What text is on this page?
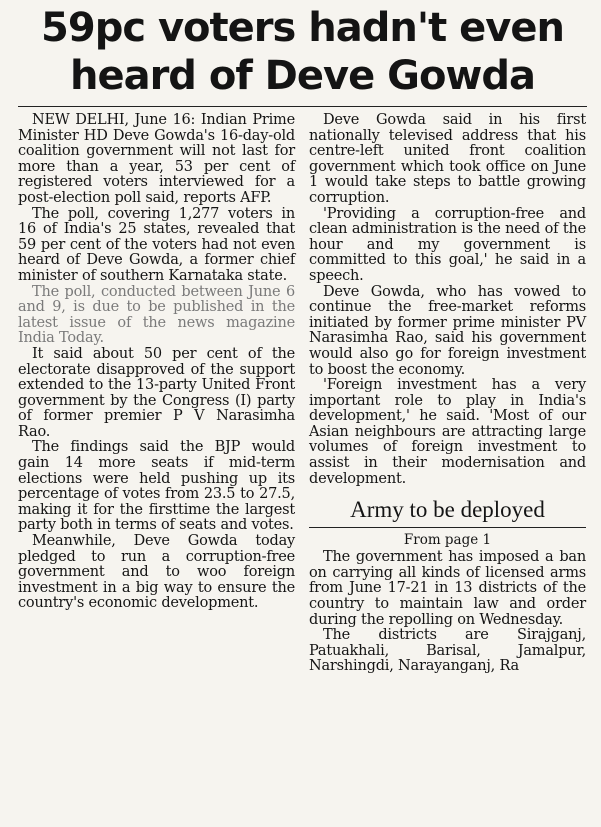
59pc voters hadn't even
heard of Deve Gowda

NEW DELHI, June 16: Indian Prime Minister HD Deve Gowda's 16-day-old coalition government will not last for more than a year, 53 per cent of registered voters interviewed for a post-election poll said, reports AFP.

The poll, covering 1,277 voters in 16 of India's 25 states, revealed that 59 per cent of the voters had not even heard of Deve Gowda, a former chief minister of southern Karnataka state.

The poll, conducted between June 6 and 9, is due to be published in the latest issue of the news magazine India Today.

It said about 50 per cent of the electorate disapproved of the support extended to the 13-party United Front government by the Congress (I) party of former premier P V Narasimha Rao.

The findings said the BJP would gain 14 more seats if mid-term elections were held pushing up its percentage of votes from 23.5 to 27.5, making it for the firsttime the largest party both in terms of seats and votes.

Meanwhile, Deve Gowda today pledged to run a corruption-free government and to woo foreign investment in a big way to ensure the country's economic development.

Deve Gowda said in his first nationally televised address that his centre-left united front coalition government which took office on June 1 would take steps to battle growing corruption.

'Providing a corruption-free and clean administration is the need of the hour and my government is committed to this goal,' he said in a speech.

Deve Gowda, who has vowed to continue the free-market reforms initiated by former prime minister PV Narasimha Rao, said his government would also go for foreign investment to boost the economy.

'Foreign investment has a very important role to play in India's development,' he said. 'Most of our Asian neighbours are attracting large volumes of foreign investment to assist in their modernisation and development.

Army to be deployed
From page 1

The government has imposed a ban on carrying all kinds of licensed arms from June 17-21 in 13 districts of the country to maintain law and order during the repolling on Wednesday.

The districts are Sirajganj, Patuakhali, Barisal, Jamalpur, Narshingdi, Narayanganj, Ra
